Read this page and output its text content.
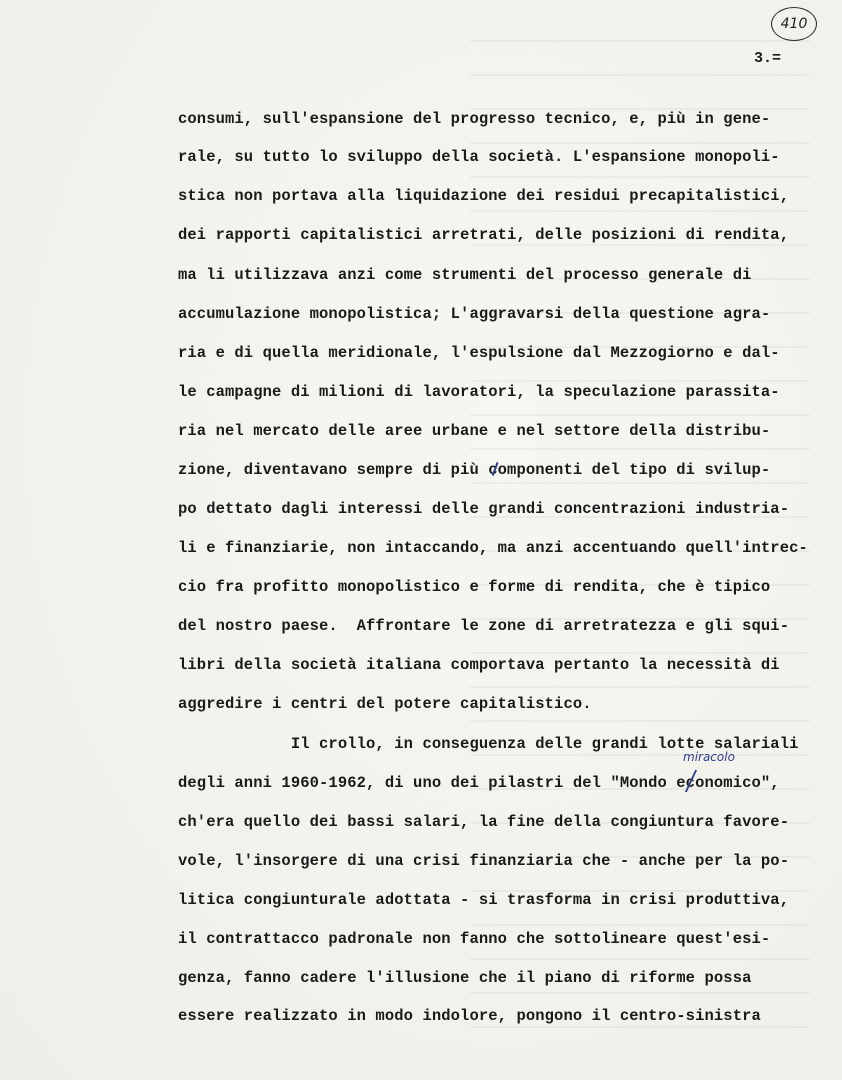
410
3.=
consumi, sull'espansione del progresso tecnico, e, più in gene-
rale, su tutto lo sviluppo della società. L'espansione monopoli-
stica non portava alla liquidazione dei residui precapitalistici,
dei rapporti capitalistici arretrati, delle posizioni di rendita,
ma li utilizzava anzi come strumenti del processo generale di
accumulazione monopolistica; L'aggravarsi della questione agra-
ria e di quella meridionale, l'espulsione dal Mezzogiorno e dal-
le campagne di milioni di lavoratori, la speculazione parassita-
ria nel mercato delle aree urbane e nel settore della distribu-
zione, diventavano sempre di più componenti del tipo di svilup-
po dettato dagli interessi delle grandi concentrazioni industria-
li e finanziarie, non intaccando, ma anzi accentuando quell'intrec-
cio fra profitto monopolistico e forme di rendita, che è tipico
del nostro paese.  Affrontare le zone di arretratezza e gli squi-
libri della società italiana comportava pertanto la necessità di
aggredire i centri del potere capitalistico.
Il crollo, in conseguenza delle grandi lotte salariali
degli anni 1960-1962, di uno dei pilastri del "Mondo economico",
ch'era quello dei bassi salari, la fine della congiuntura favore-
vole, l'insorgere di una crisi finanziaria che - anche per la po-
litica congiunturale adottata - si trasforma in crisi produttiva,
il contrattacco padronale non fanno che sottolineare quest'esi-
genza, fanno cadere l'illusione che il piano di riforme possa
essere realizzato in modo indolore, pongono il centro-sinistra
miracolo
